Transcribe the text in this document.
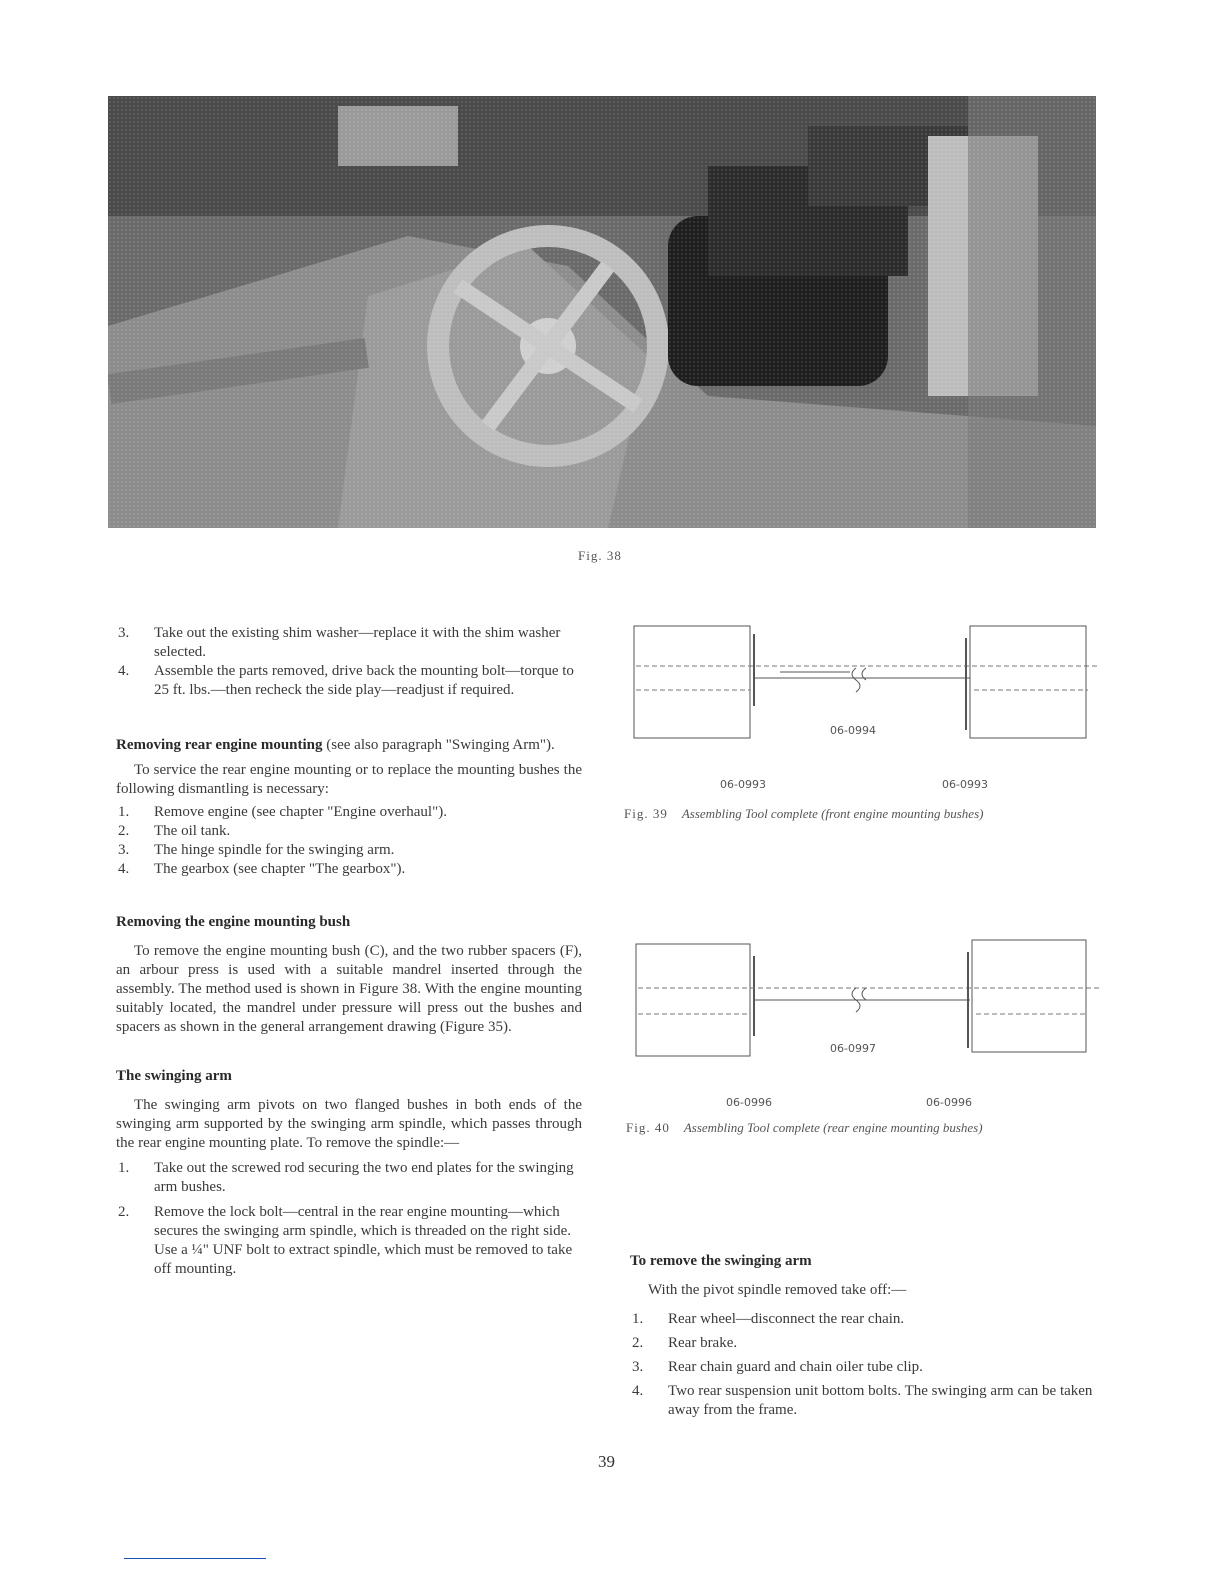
Fig. 38
3. Take out the existing shim washer—replace it with the shim washer selected.
4. Assemble the parts removed, drive back the mounting bolt—torque to 25 ft. lbs.—then recheck the side play—readjust if required.

Removing rear engine mounting (see also paragraph "Swinging Arm").

To service the rear engine mounting or to replace the mounting bushes the following dismantling is necessary:

1. Remove engine (see chapter "Engine overhaul").
2. The oil tank.
3. The hinge spindle for the swinging arm.
4. The gearbox (see chapter "The gearbox").

Removing the engine mounting bush

To remove the engine mounting bush (C), and the two rubber spacers (F), an arbour press is used with a suitable mandrel inserted through the assembly. The method used is shown in Figure 38. With the engine mounting suitably located, the mandrel under pressure will press out the bushes and spacers as shown in the general arrangement drawing (Figure 35).

The swinging arm

The swinging arm pivots on two flanged bushes in both ends of the swinging arm supported by the swinging arm spindle, which passes through the rear engine mounting plate. To remove the spindle:—

1. Take out the screwed rod securing the two end plates for the swinging arm bushes.
2. Remove the lock bolt—central in the rear engine mounting—which secures the swinging arm spindle, which is threaded on the right side. Use a ¼" UNF bolt to extract spindle, which must be removed to take off mounting.
06-0994
06-0993	06-0993
Fig. 39 Assembling Tool complete (front engine mounting bushes)
06-0997
06-0996	06-0996
Fig. 40 Assembling Tool complete (rear engine mounting bushes)

To remove the swinging arm

With the pivot spindle removed take off:—

1. Rear wheel—disconnect the rear chain.
2. Rear brake.
3. Rear chain guard and chain oiler tube clip.
4. Two rear suspension unit bottom bolts. The swinging arm can be taken away from the frame.
39
